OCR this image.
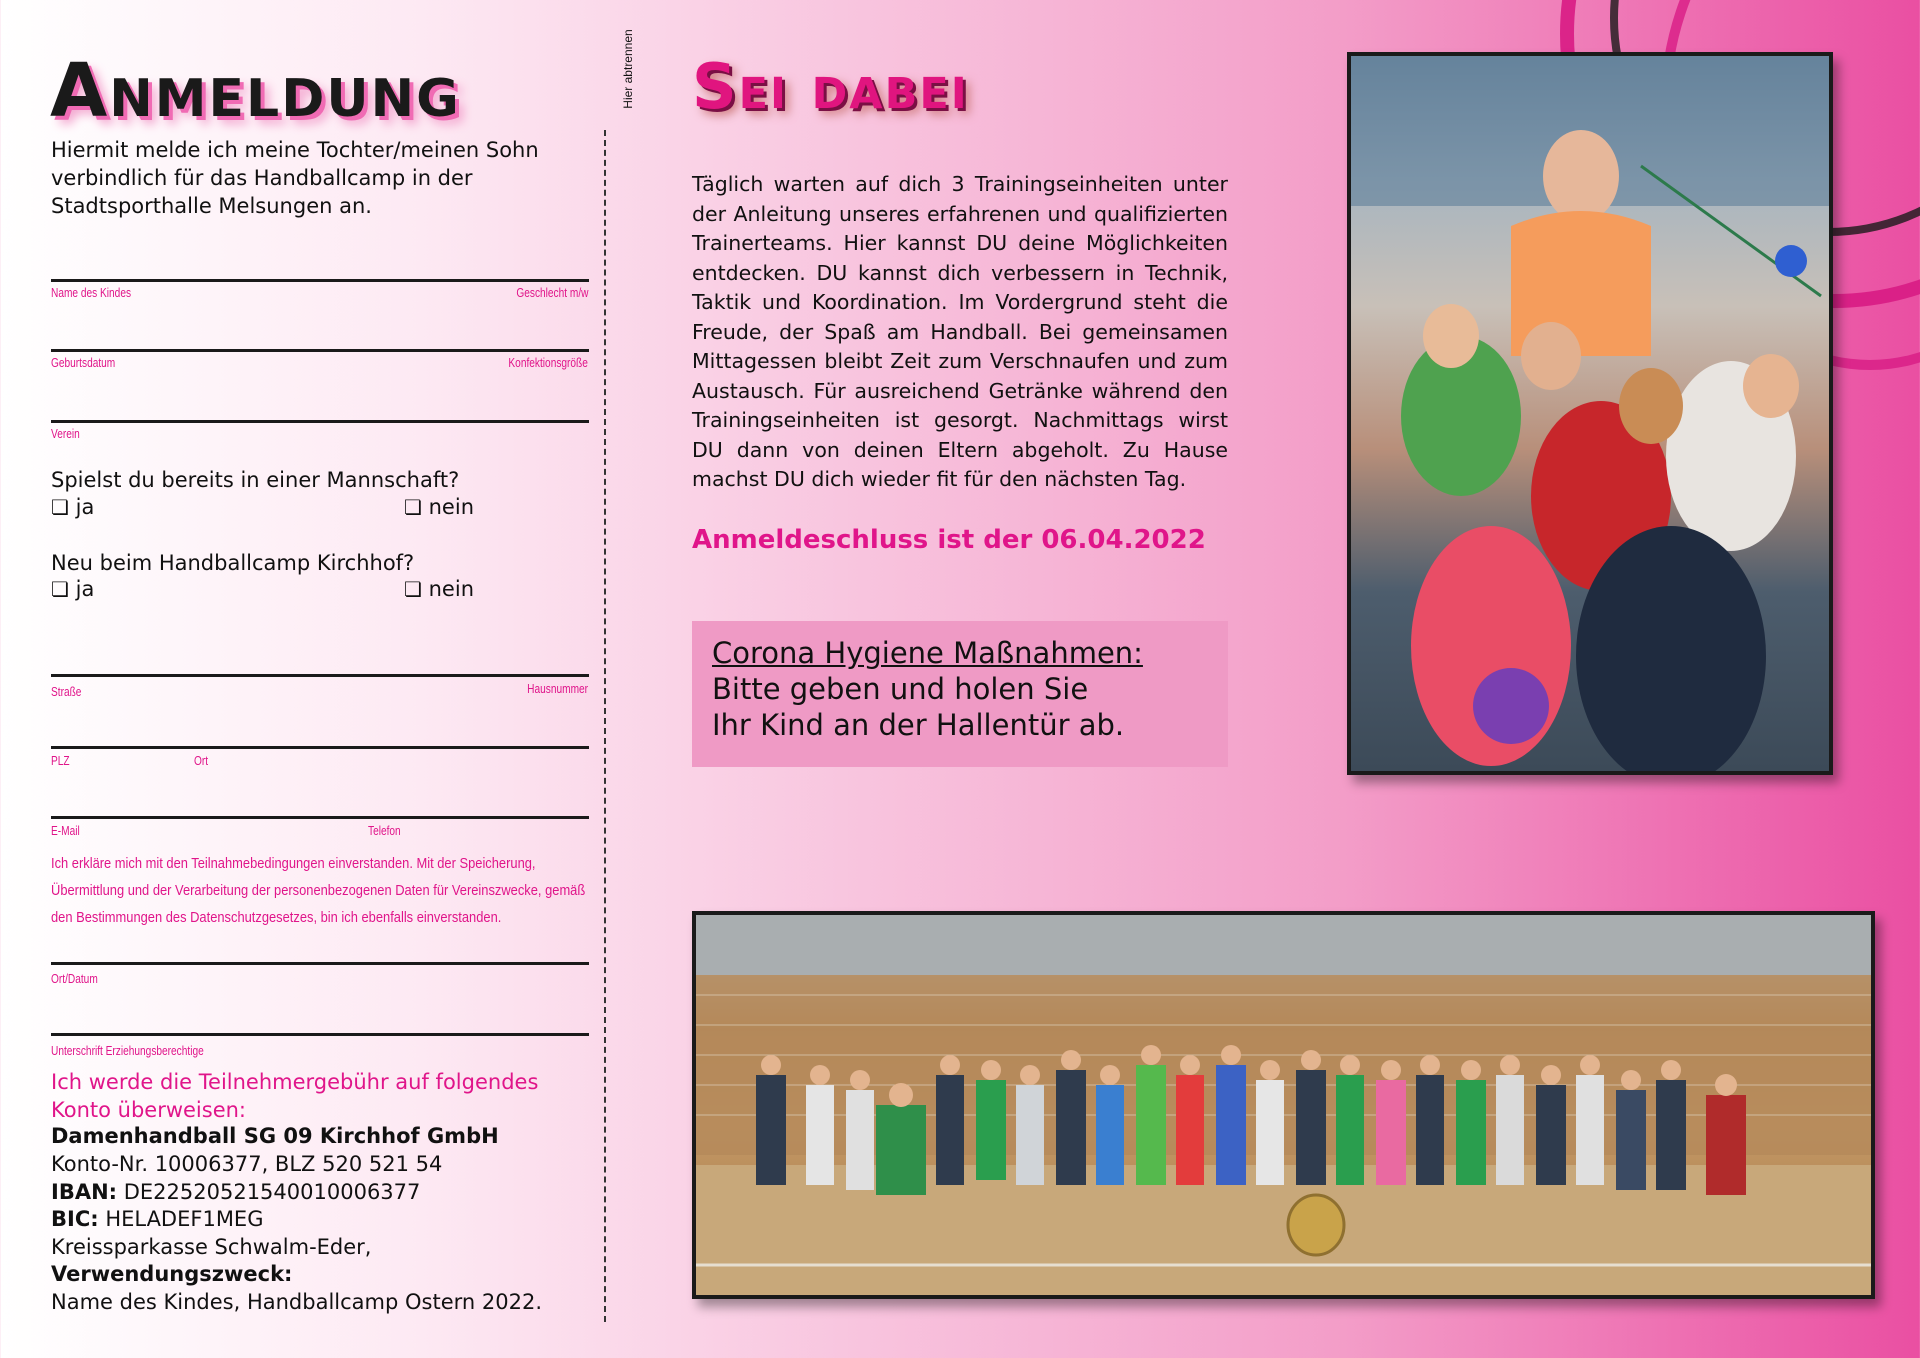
Anmeldung	Hier abtrennen
Hiermit melde ich meine Tochter/meinen Sohn verbindlich für das Handballcamp in der Stadtsporthalle Melsungen an.
Name des Kindes	Geschlecht m/w
Geburtsdatum	Konfektionsgröße
Verein
Spielst du bereits in einer Mannschaft?
❏ ja	❏ nein
Neu beim Handballcamp Kirchhof?
❏ ja	❏ nein
Straße	Hausnummer
PLZ	Ort
E-Mail	Telefon
Ich erkläre mich mit den Teilnahmebedingungen einverstanden. Mit der Speicherung, Übermittlung und der Verarbeitung der personenbezogenen Daten für Vereinszwecke, gemäß den Bestimmungen des Datenschutzgesetzes, bin ich ebenfalls einverstanden.
Ort/Datum
Unterschrift Erziehungsberechtige
Ich werde die Teilnehmergebühr auf folgendes Konto überweisen:
Damenhandball SG 09 Kirchhof GmbH
Konto-Nr. 10006377, BLZ 520 521 54
IBAN: DE22520521540010006377
BIC: HELADEF1MEG
Kreissparkasse Schwalm-Eder,
Verwendungszweck:
Name des Kindes, Handballcamp Ostern 2022.
Sei dabei
Täglich warten auf dich 3 Trainingseinheiten unter der Anleitung unseres erfahrenen und qualifizierten Trainerteams. Hier kannst DU deine Möglichkeiten entdecken. DU kannst dich verbessern in Technik, Taktik und Koordination. Im Vordergrund steht die Freude, der Spaß am Handball. Bei gemeinsamen Mittagessen bleibt Zeit zum Verschnaufen und zum Austausch. Für ausreichend Getränke während den Trainingseinheiten ist gesorgt. Nachmittags wirst DU dann von deinen Eltern abgeholt. Zu Hause machst DU dich wieder fit für den nächsten Tag.
Anmeldeschluss ist der 06.04.2022
Corona Hygiene Maßnahmen:
Bitte geben und holen Sie
Ihr Kind an der Hallentür ab.
